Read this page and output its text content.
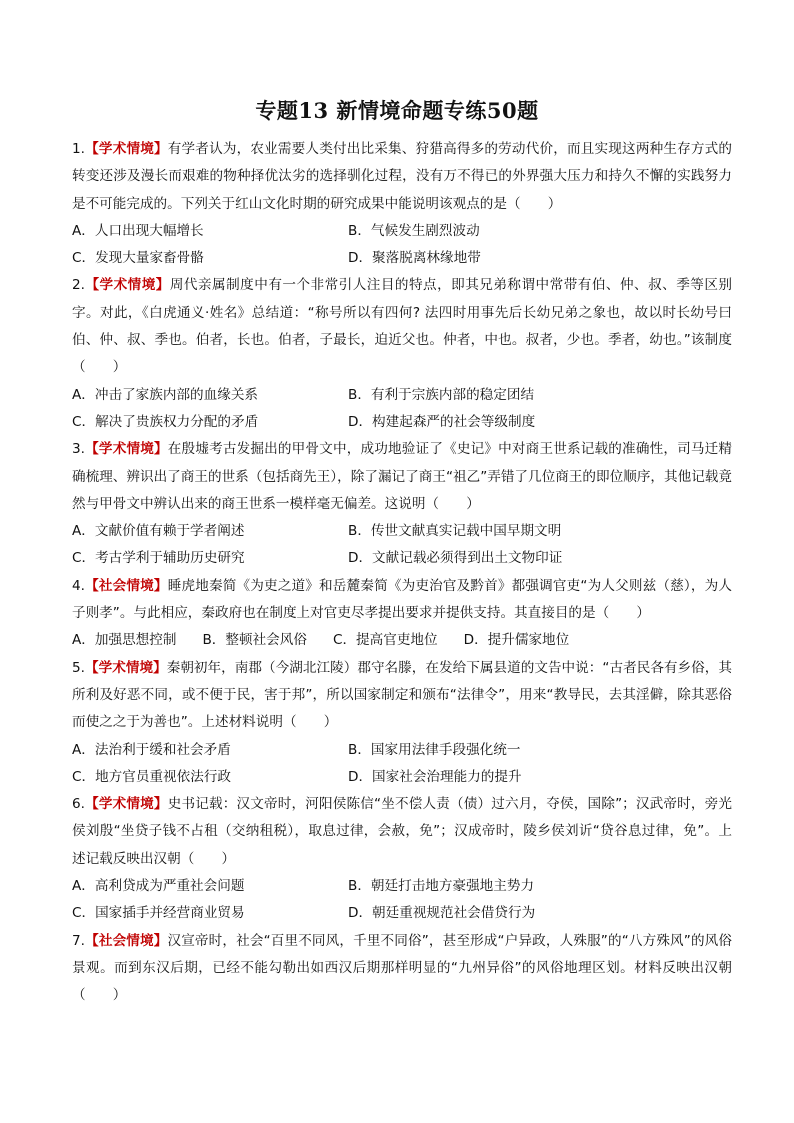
专题13 新情境命题专练50题

1.【学术情境】有学者认为，农业需要人类付出比采集、狩猎高得多的劳动代价，而且实现这两种生存方式的转变还涉及漫长而艰难的物种择优汰劣的选择驯化过程，没有万不得已的外界强大压力和持久不懈的实践努力是不可能完成的。下列关于红山文化时期的研究成果中能说明该观点的是（　　）

A．人口出现大幅增长	B．气候发生剧烈波动
C．发现大量家畜骨骼	D．聚落脱离林缘地带

2.【学术情境】周代亲属制度中有一个非常引人注目的特点，即其兄弟称谓中常带有伯、仲、叔、季等区别字。对此，《白虎通义·姓名》总结道：“称号所以有四何? 法四时用事先后长幼兄弟之象也，故以时长幼号曰伯、仲、叔、季也。伯者，长也。伯者，子最长，迫近父也。仲者，中也。叔者，少也。季者，幼也。”该制度（　　）

A．冲击了家族内部的血缘关系	B．有利于宗族内部的稳定团结
C．解决了贵族权力分配的矛盾	D．构建起森严的社会等级制度

3.【学术情境】在殷墟考古发掘出的甲骨文中，成功地验证了《史记》中对商王世系记载的准确性，司马迁精确梳理、辨识出了商王的世系（包括商先王），除了漏记了商王“祖乙”弄错了几位商王的即位顺序，其他记载竟然与甲骨文中辨认出来的商王世系一模样毫无偏差。这说明（　　）

A．文献价值有赖于学者阐述	B．传世文献真实记载中国早期文明
C．考古学利于辅助历史研究	D．文献记载必须得到出土文物印证

4.【社会情境】睡虎地秦简《为吏之道》和岳麓秦简《为吏治官及黔首》都强调官吏“为人父则兹（慈），为人子则孝”。与此相应，秦政府也在制度上对官吏尽孝提出要求并提供支持。其直接目的是（　　）

A．加强思想控制 B．整顿社会风俗 C．提高官吏地位 D．提升儒家地位

5.【学术情境】秦朝初年，南郡（今湖北江陵）郡守名滕，在发给下属县道的文告中说：“古者民各有乡俗，其所利及好恶不同，或不便于民，害于邦”，所以国家制定和颁布“法律令”，用来“教导民，去其淫僻，除其恶俗而使之之于为善也”。上述材料说明（　　）

A．法治利于缓和社会矛盾	B．国家用法律手段强化统一
C．地方官员重视依法行政	D．国家社会治理能力的提升

6.【学术情境】史书记载：汉文帝时，河阳侯陈信“坐不偿人责（债）过六月，夺侯，国除”；汉武帝时，旁光侯刘殷“坐贷子钱不占租（交纳租税），取息过律，会赦，免”；汉成帝时，陵乡侯刘䜣“贷谷息过律，免”。上述记载反映出汉朝（　　）

A．高利贷成为严重社会问题	B．朝廷打击地方豪强地主势力
C．国家插手并经营商业贸易	D．朝廷重视规范社会借贷行为

7.【社会情境】汉宣帝时，社会“百里不同风，千里不同俗”，甚至形成“户异政，人殊服”的“八方殊风”的风俗景观。而到东汉后期，已经不能勾勒出如西汉后期那样明显的“九州异俗”的风俗地理区划。材料反映出汉朝（　　）
